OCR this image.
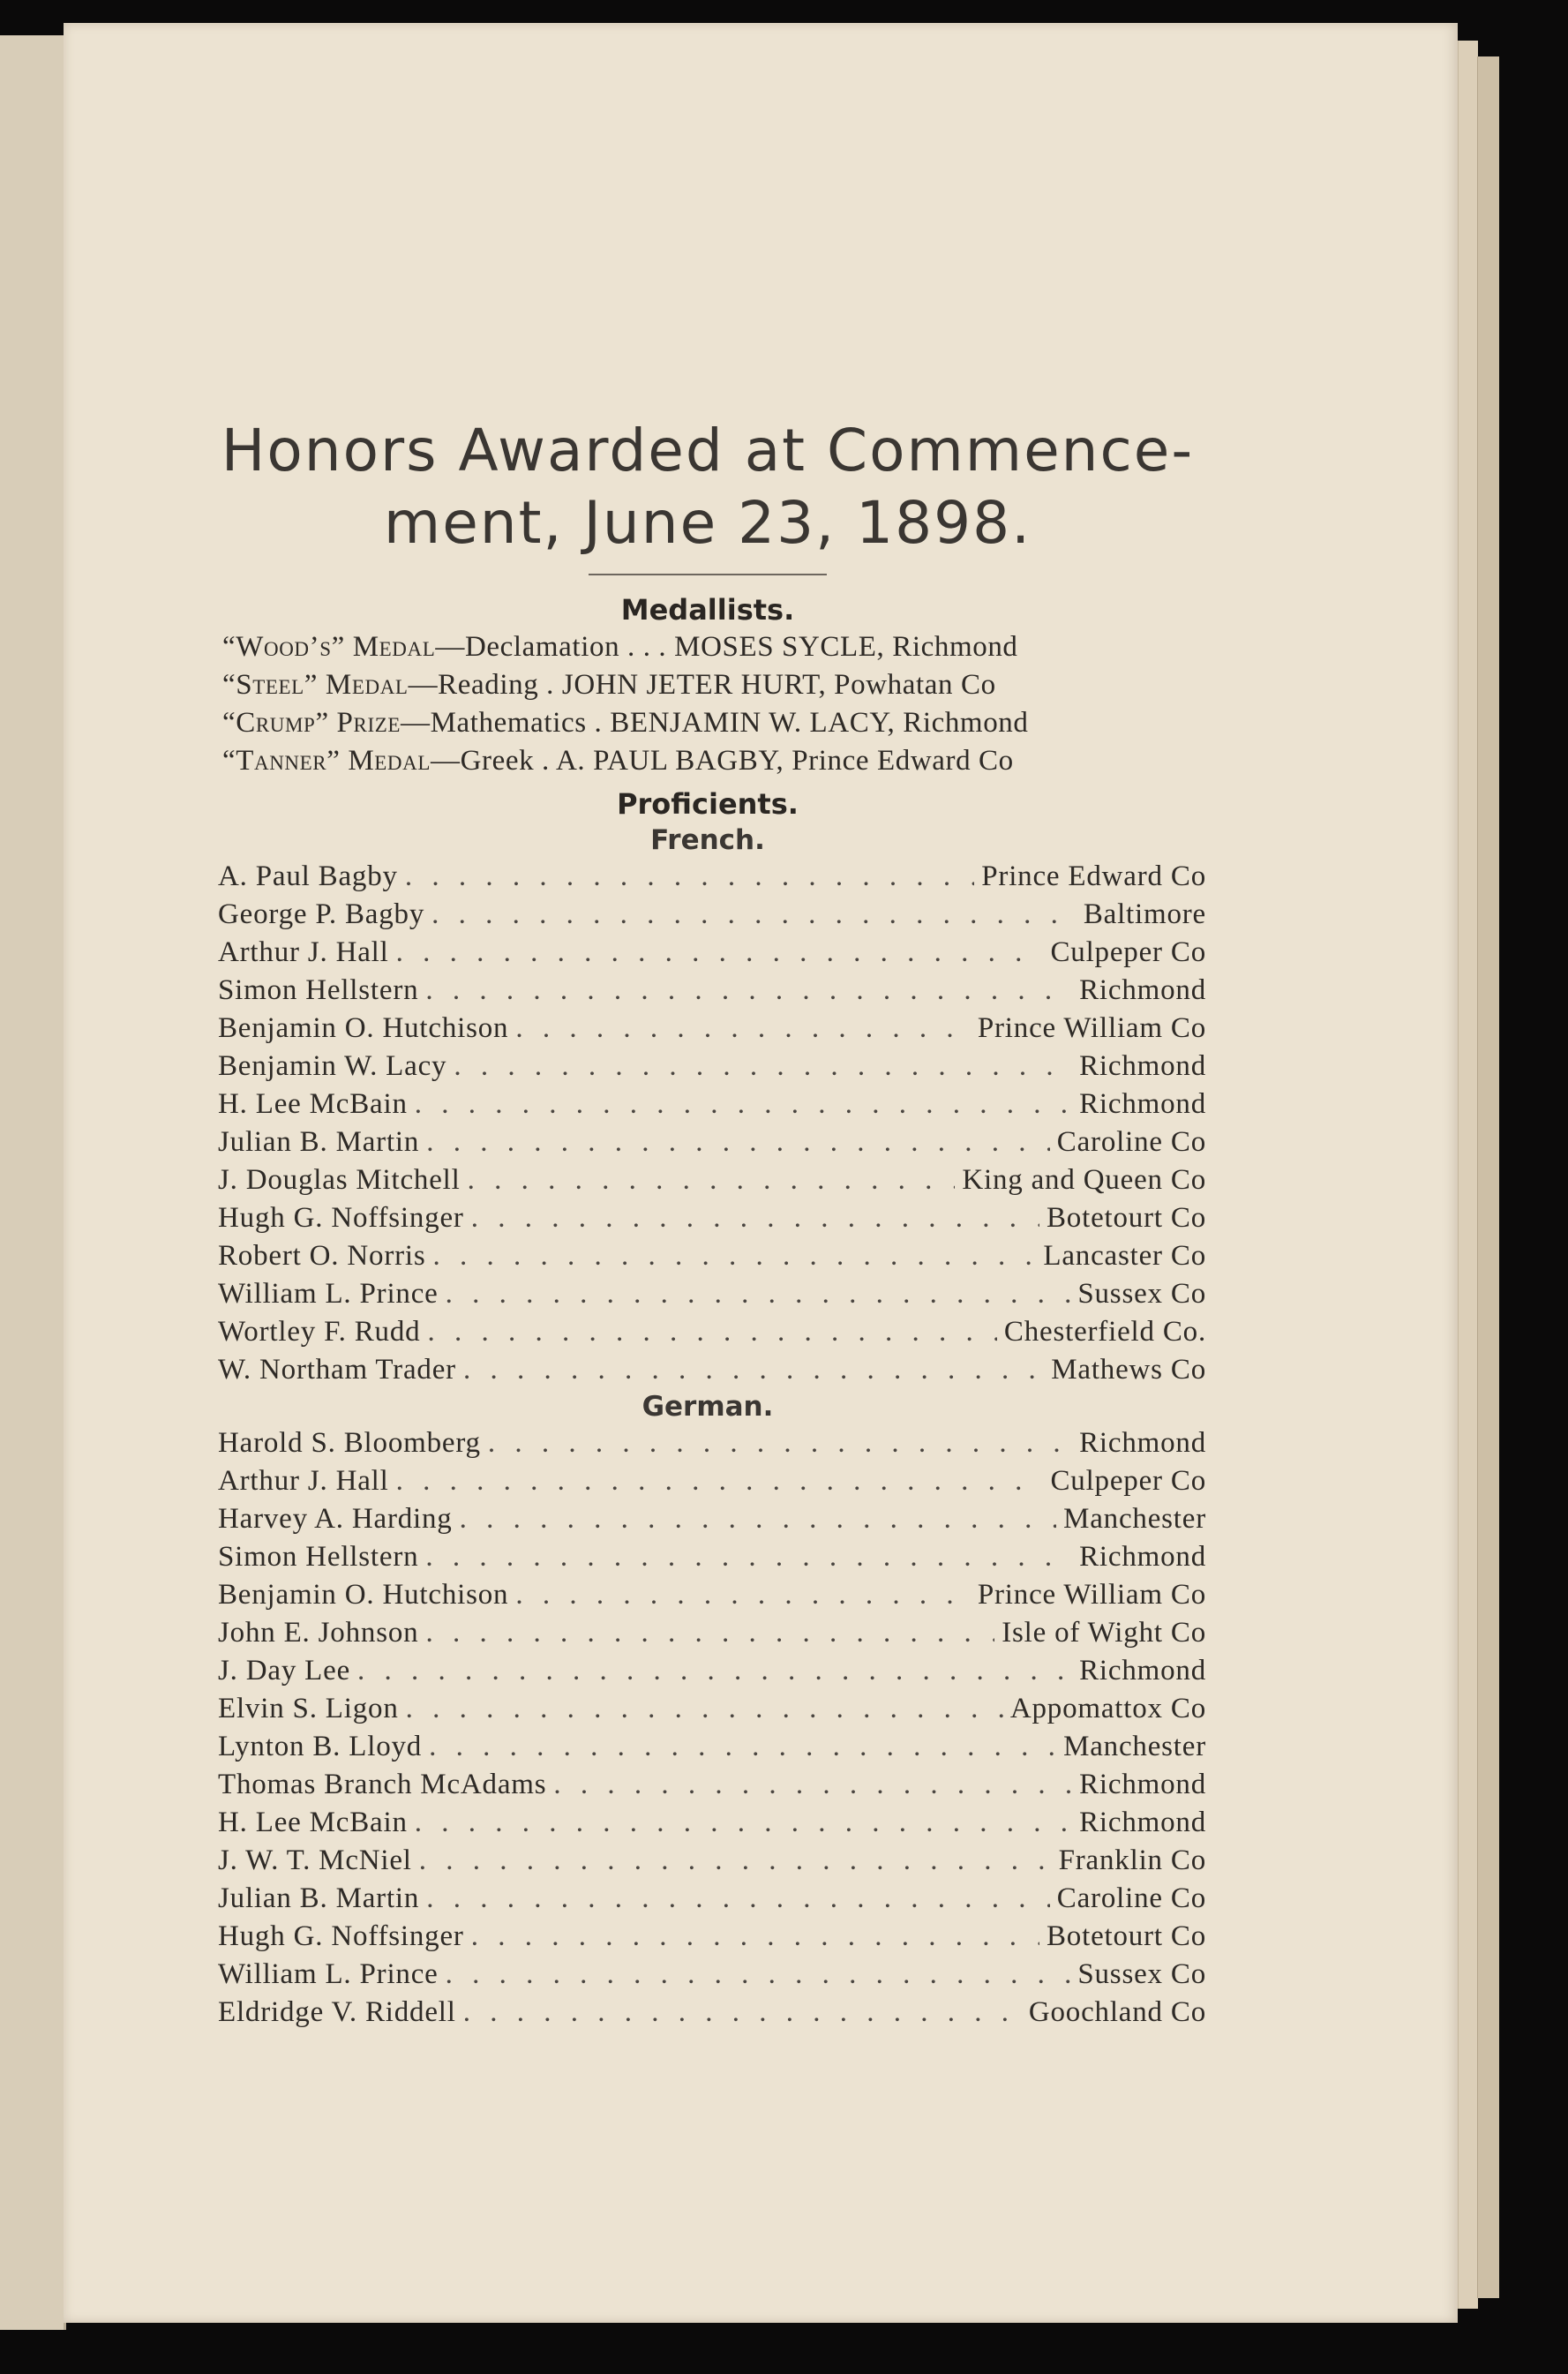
Honors Awarded at Commence-
ment, June 23, 1898.
Medallists.
“Wood’s” Medal—Declamation . . . MOSES SYCLE, Richmond
“Steel” Medal—Reading . JOHN JETER HURT, Powhatan Co
“Crump” Prize—Mathematics . BENJAMIN W. LACY, Richmond
“Tanner” Medal—Greek . A. PAUL BAGBY, Prince Edward Co
Proficients.
French.
A. Paul Bagby . . .	Prince Edward Co
George P. Bagby . . .	Baltimore
Arthur J. Hall . . .	Culpeper Co
Simon Hellstern . . .	Richmond
Benjamin O. Hutchison . . .	Prince William Co
Benjamin W. Lacy . . .	Richmond
H. Lee McBain . . .	Richmond
Julian B. Martin . . .	Caroline Co
J. Douglas Mitchell . . .	King and Queen Co
Hugh G. Noffsinger . . .	Botetourt Co
Robert O. Norris . . .	Lancaster Co
William L. Prince . . .	Sussex Co
Wortley F. Rudd . . .	Chesterfield Co.
W. Northam Trader . . .	Mathews Co
German.
Harold S. Bloomberg . . .	Richmond
Arthur J. Hall . . .	Culpeper Co
Harvey A. Harding . . .	Manchester
Simon Hellstern . . .	Richmond
Benjamin O. Hutchison . . .	Prince William Co
John E. Johnson . . .	Isle of Wight Co
J. Day Lee . . .	Richmond
Elvin S. Ligon . . .	Appomattox Co
Lynton B. Lloyd . . .	Manchester
Thomas Branch McAdams . . .	Richmond
H. Lee McBain . . .	Richmond
J. W. T. McNiel . . .	Franklin Co
Julian B. Martin . . .	Caroline Co
Hugh G. Noffsinger . . .	Botetourt Co
William L. Prince . . .	Sussex Co
Eldridge V. Riddell . . .	Goochland Co
